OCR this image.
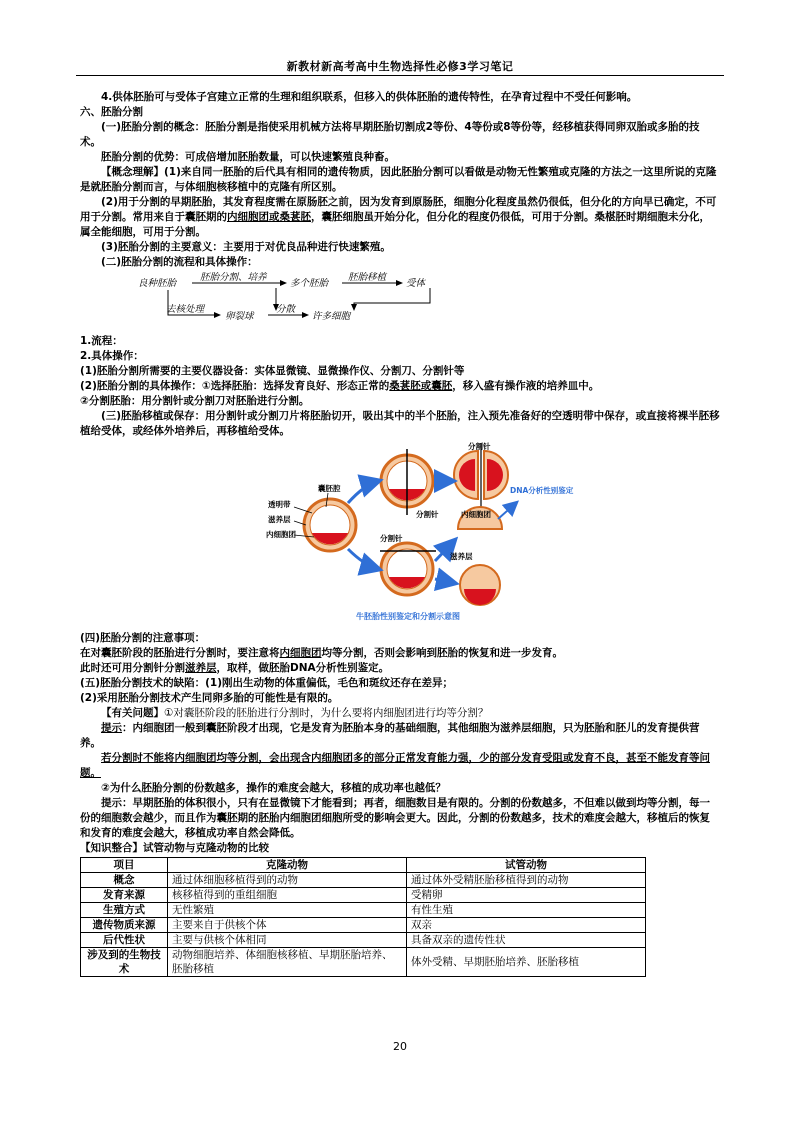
新教材新高考高中生物选择性必修3学习笔记

4.供体胚胎可与受体子宫建立正常的生理和组织联系，但移入的供体胚胎的遗传特性，在孕育过程中不受任何影响。

六、胚胎分割

(一)胚胎分割的概念：胚胎分割是指使采用机械方法将早期胚胎切割成2等份、4等份或8等份等，经移植获得同卵双胎或多胎的技术。

胚胎分割的优势：可成倍增加胚胎数量，可以快速繁殖良种畜。

【概念理解】(1)来自同一胚胎的后代具有相同的遗传物质，因此胚胎分割可以看做是动物无性繁殖或克隆的方法之一这里所说的克隆是就胚胎分割而言，与体细胞核移植中的克隆有所区别。

(2)用于分割的早期胚胎，其发育程度需在原肠胚之前，因为发育到原肠胚，细胞分化程度虽然仍很低，但分化的方向早已确定，不可用于分割。常用来自于囊胚期的内细胞团或桑葚胚，囊胚细胞虽开始分化，但分化的程度仍很低，可用于分割。桑椹胚时期细胞未分化，属全能细胞，可用于分割。

(3)胚胎分割的主要意义：主要用于对优良品种进行快速繁殖。

(二)胚胎分割的流程和具体操作：

良种胚胎
胚胎分割、培养
多个胚胎
胚胎移植
受体
去核处理
卵裂球
分散
许多细胞

1.流程：

2.具体操作：

(1)胚胎分割所需要的主要仪器设备：实体显微镜、显微操作仪、分割刀、分割针等

(2)胚胎分割的具体操作：①选择胚胎：选择发育良好、形态正常的桑葚胚或囊胚，移入盛有操作液的培养皿中。

②分割胚胎：用分割针或分割刀对胚胎进行分割。

(三)胚胎移植或保存：用分割针或分割刀片将胚胎切开，吸出其中的半个胚胎，注入预先准备好的空透明带中保存，或直接将裸半胚移植给受体，或经体外培养后，再移植给受体。

囊胚腔
透明带
滋养层
内细胞团
分割针
分割针
分割针
内细胞团
滋养层
DNA分析性别鉴定
牛胚胎性别鉴定和分割示意图

(四)胚胎分割的注意事项：

在对囊胚阶段的胚胎进行分割时，要注意将内细胞团均等分割，否则会影响到胚胎的恢复和进一步发育。

此时还可用分割针分割滋养层，取样，做胚胎DNA分析性别鉴定。

(五)胚胎分割技术的缺陷：(1)刚出生动物的体重偏低，毛色和斑纹还存在差异；

(2)采用胚胎分割技术产生同卵多胎的可能性是有限的。

【有关问题】①对囊胚阶段的胚胎进行分割时，为什么要将内细胞团进行均等分割？

提示：内细胞团一般到囊胚阶段才出现，它是发育为胚胎本身的基础细胞，其他细胞为滋养层细胞，只为胚胎和胚儿的发育提供营养。

若分割时不能将内细胞团均等分割，会出现含内细胞团多的部分正常发育能力强，少的部分发育受阻或发育不良，甚至不能发育等问题。

②为什么胚胎分割的份数越多，操作的难度会越大，移植的成功率也越低？

提示：早期胚胎的体积很小，只有在显微镜下才能看到；再者，细胞数目是有限的。分割的份数越多，不但难以做到均等分割，每一份的细胞数会越少，而且作为囊胚期的胚胎内细胞团细胞所受的影响会更大。因此，分割的份数越多，技术的难度会越大，移植后的恢复和发育的难度会越大，移植成功率自然会降低。

【知识整合】试管动物与克隆动物的比较

项目	克隆动物	试管动物
概念	通过体细胞移植得到的动物	通过体外受精胚胎移植得到的动物
发育来源	核移植得到的重组细胞	受精卵
生殖方式	无性繁殖	有性生殖
遗传物质来源	主要来自于供核个体	双亲
后代性状	主要与供核个体相同	具备双亲的遗传性状
涉及到的生物技术	动物细胞培养、体细胞核移植、早期胚胎培养、胚胎移植	体外受精、早期胚胎培养、胚胎移植
20
